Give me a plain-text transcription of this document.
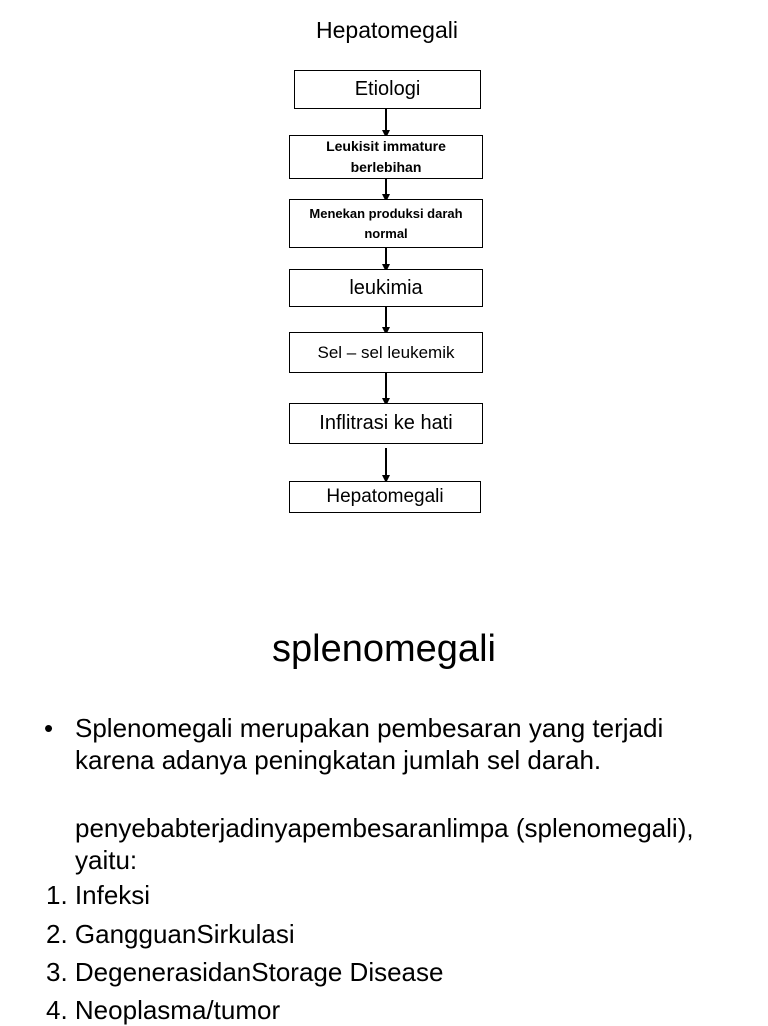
Hepatomegali
Etiologi
Leukisit immature berlebihan
Menekan produksi darah normal
leukimia
Sel – sel leukemik
Inflitrasi ke hati
Hepatomegali
splenomegali
• Splenomegali merupakan pembesaran yang terjadi karena adanya peningkatan jumlah sel darah.
penyebabterjadinyapembesaranlimpa (splenomegali), yaitu:
1. Infeksi
2. GangguanSirkulasi
3. DegenerasidanStorage Disease
4. Neoplasma/tumor
